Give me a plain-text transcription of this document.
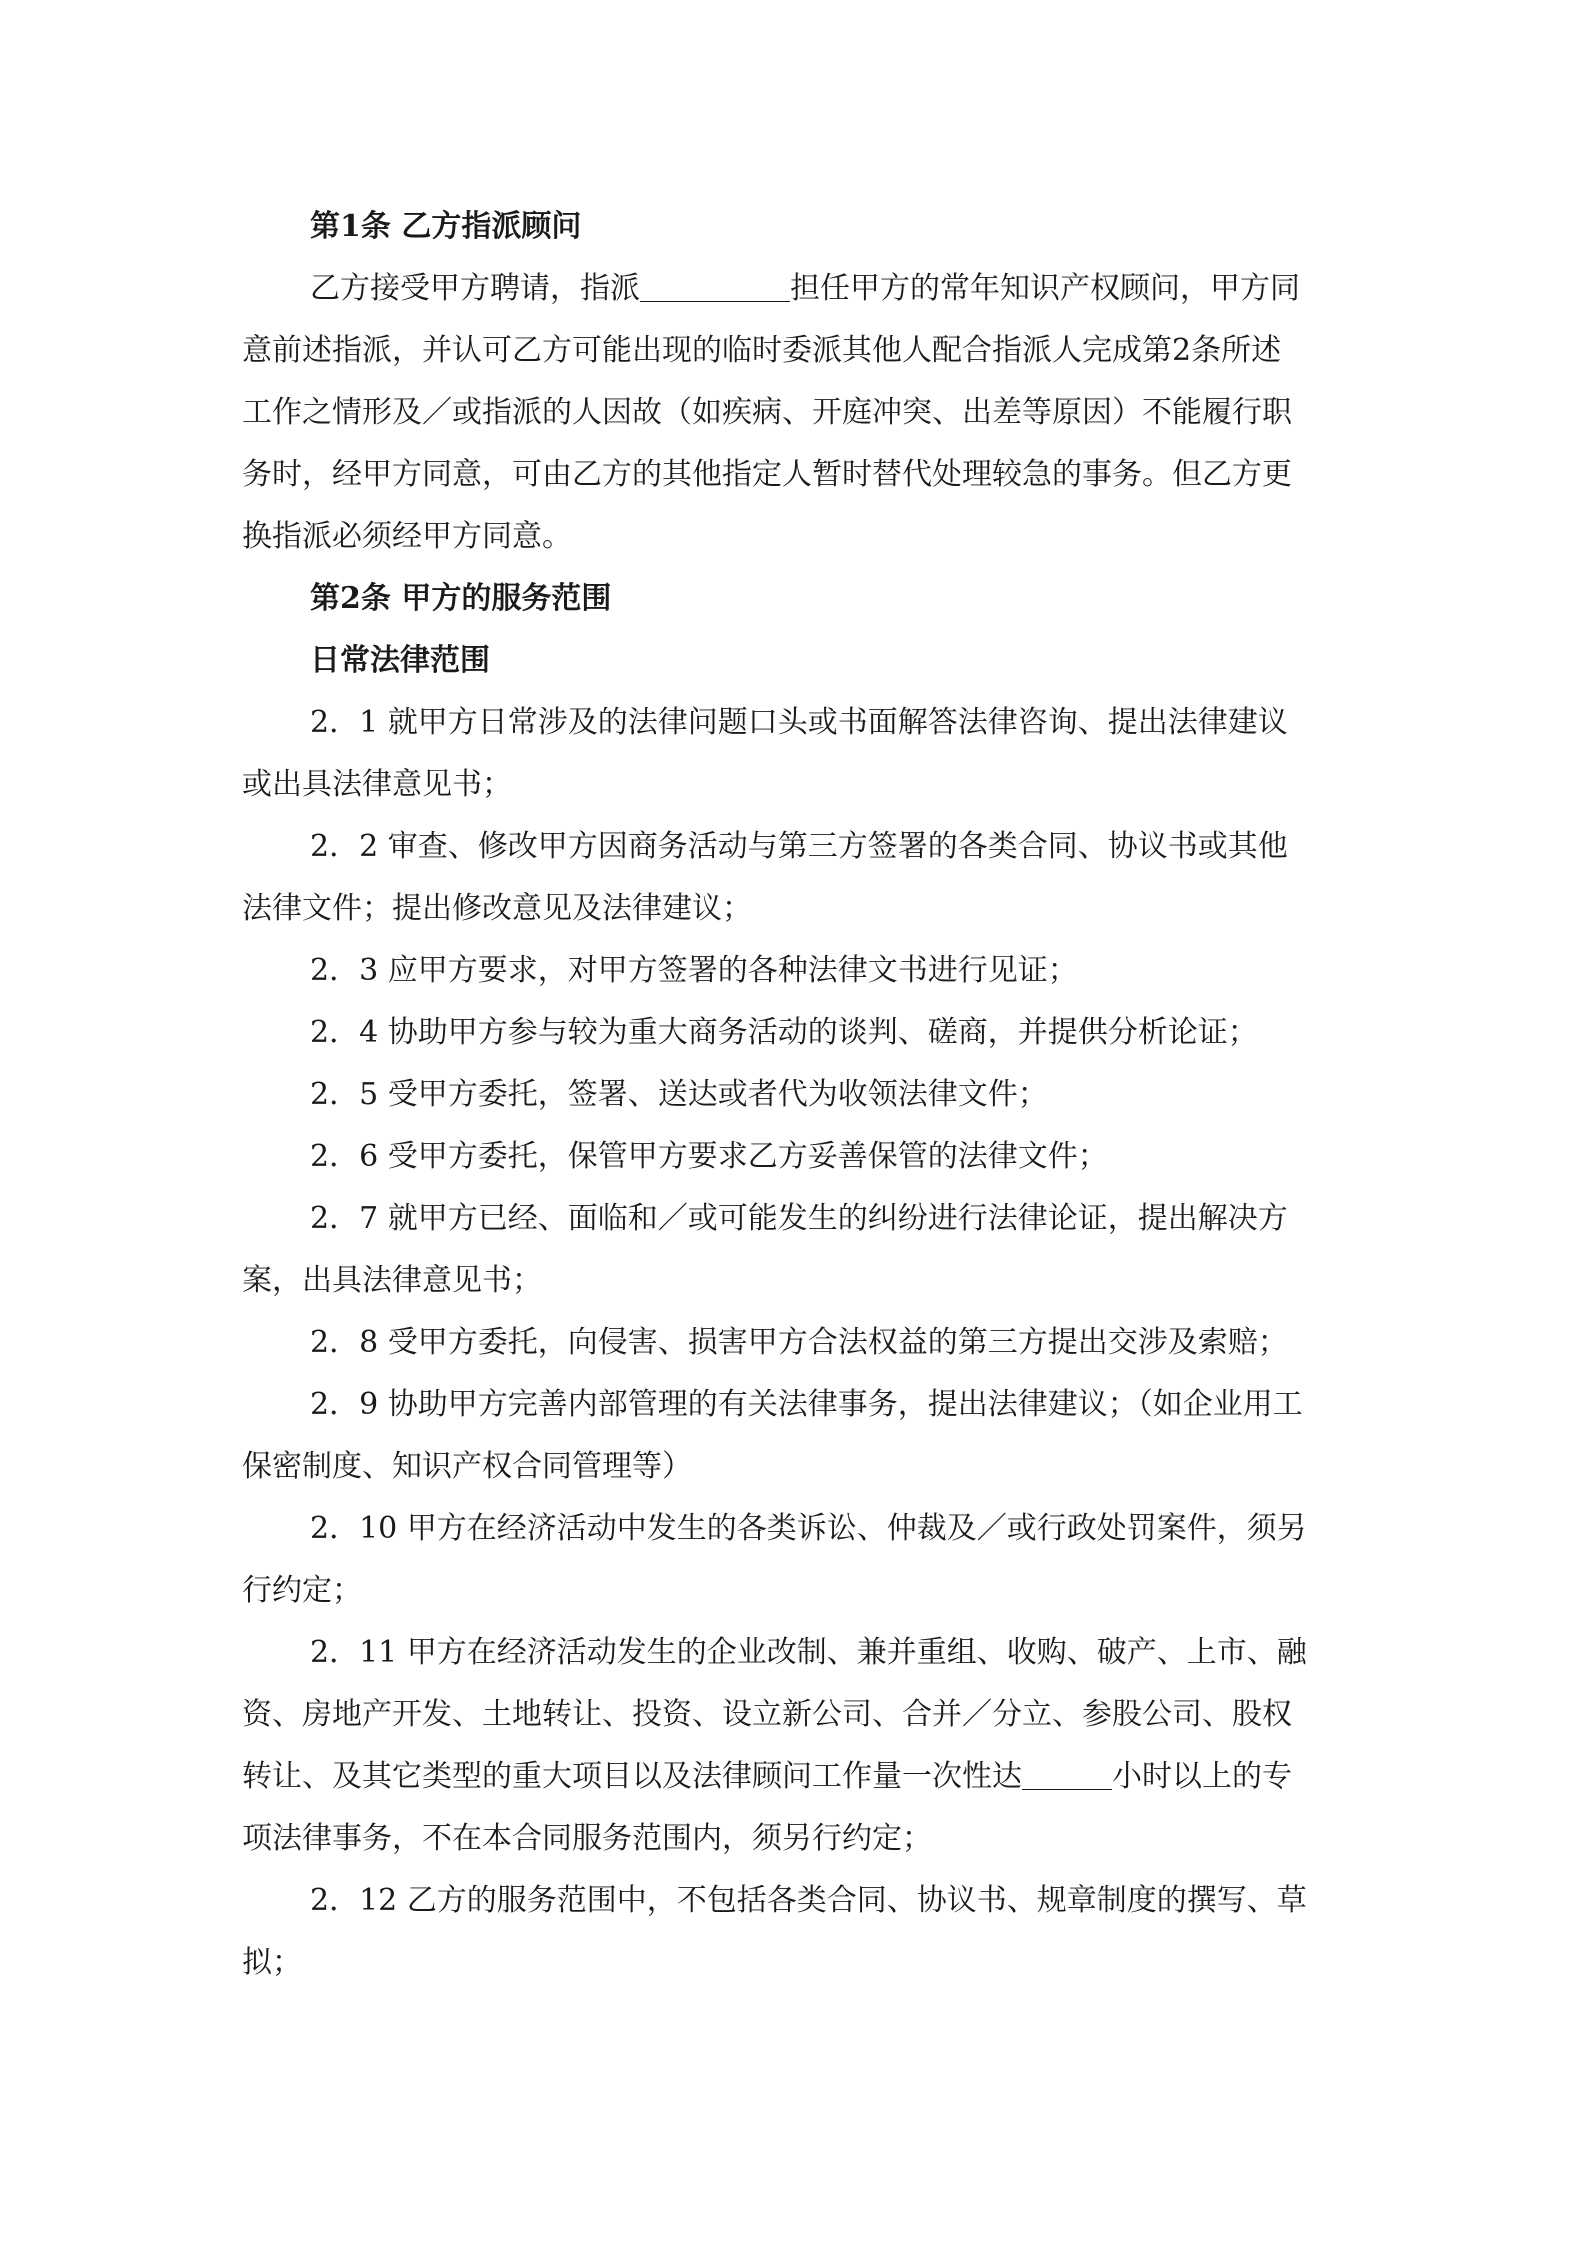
第1条 乙方指派顾问

乙方接受甲方聘请，指派	担任甲方的常年知识产权顾问，甲方同
意前述指派，并认可乙方可能出现的临时委派其他人配合指派人完成第2条所述
工作之情形及／或指派的人因故（如疾病、开庭冲突、出差等原因）不能履行职
务时，经甲方同意，可由乙方的其他指定人暂时替代处理较急的事务。但乙方更
换指派必须经甲方同意。

第2条 甲方的服务范围

日常法律范围

2．1 就甲方日常涉及的法律问题口头或书面解答法律咨询、提出法律建议
或出具法律意见书；
2．2 审查、修改甲方因商务活动与第三方签署的各类合同、协议书或其他
法律文件；提出修改意见及法律建议；
2．3 应甲方要求，对甲方签署的各种法律文书进行见证；
2．4 协助甲方参与较为重大商务活动的谈判、磋商，并提供分析论证；
2．5 受甲方委托，签署、送达或者代为收领法律文件；
2．6 受甲方委托，保管甲方要求乙方妥善保管的法律文件；
2．7 就甲方已经、面临和／或可能发生的纠纷进行法律论证，提出解决方
案，出具法律意见书；
2．8 受甲方委托，向侵害、损害甲方合法权益的第三方提出交涉及索赔；
2．9 协助甲方完善内部管理的有关法律事务，提出法律建议；（如企业用工
保密制度、知识产权合同管理等）
2．10 甲方在经济活动中发生的各类诉讼、仲裁及／或行政处罚案件，须另
行约定；
2．11 甲方在经济活动发生的企业改制、兼并重组、收购、破产、上市、融
资、房地产开发、土地转让、投资、设立新公司、合并／分立、参股公司、股权
转让、及其它类型的重大项目以及法律顾问工作量一次性达	小时以上的专
项法律事务，不在本合同服务范围内，须另行约定；
2．12 乙方的服务范围中，不包括各类合同、协议书、规章制度的撰写、草
拟；
